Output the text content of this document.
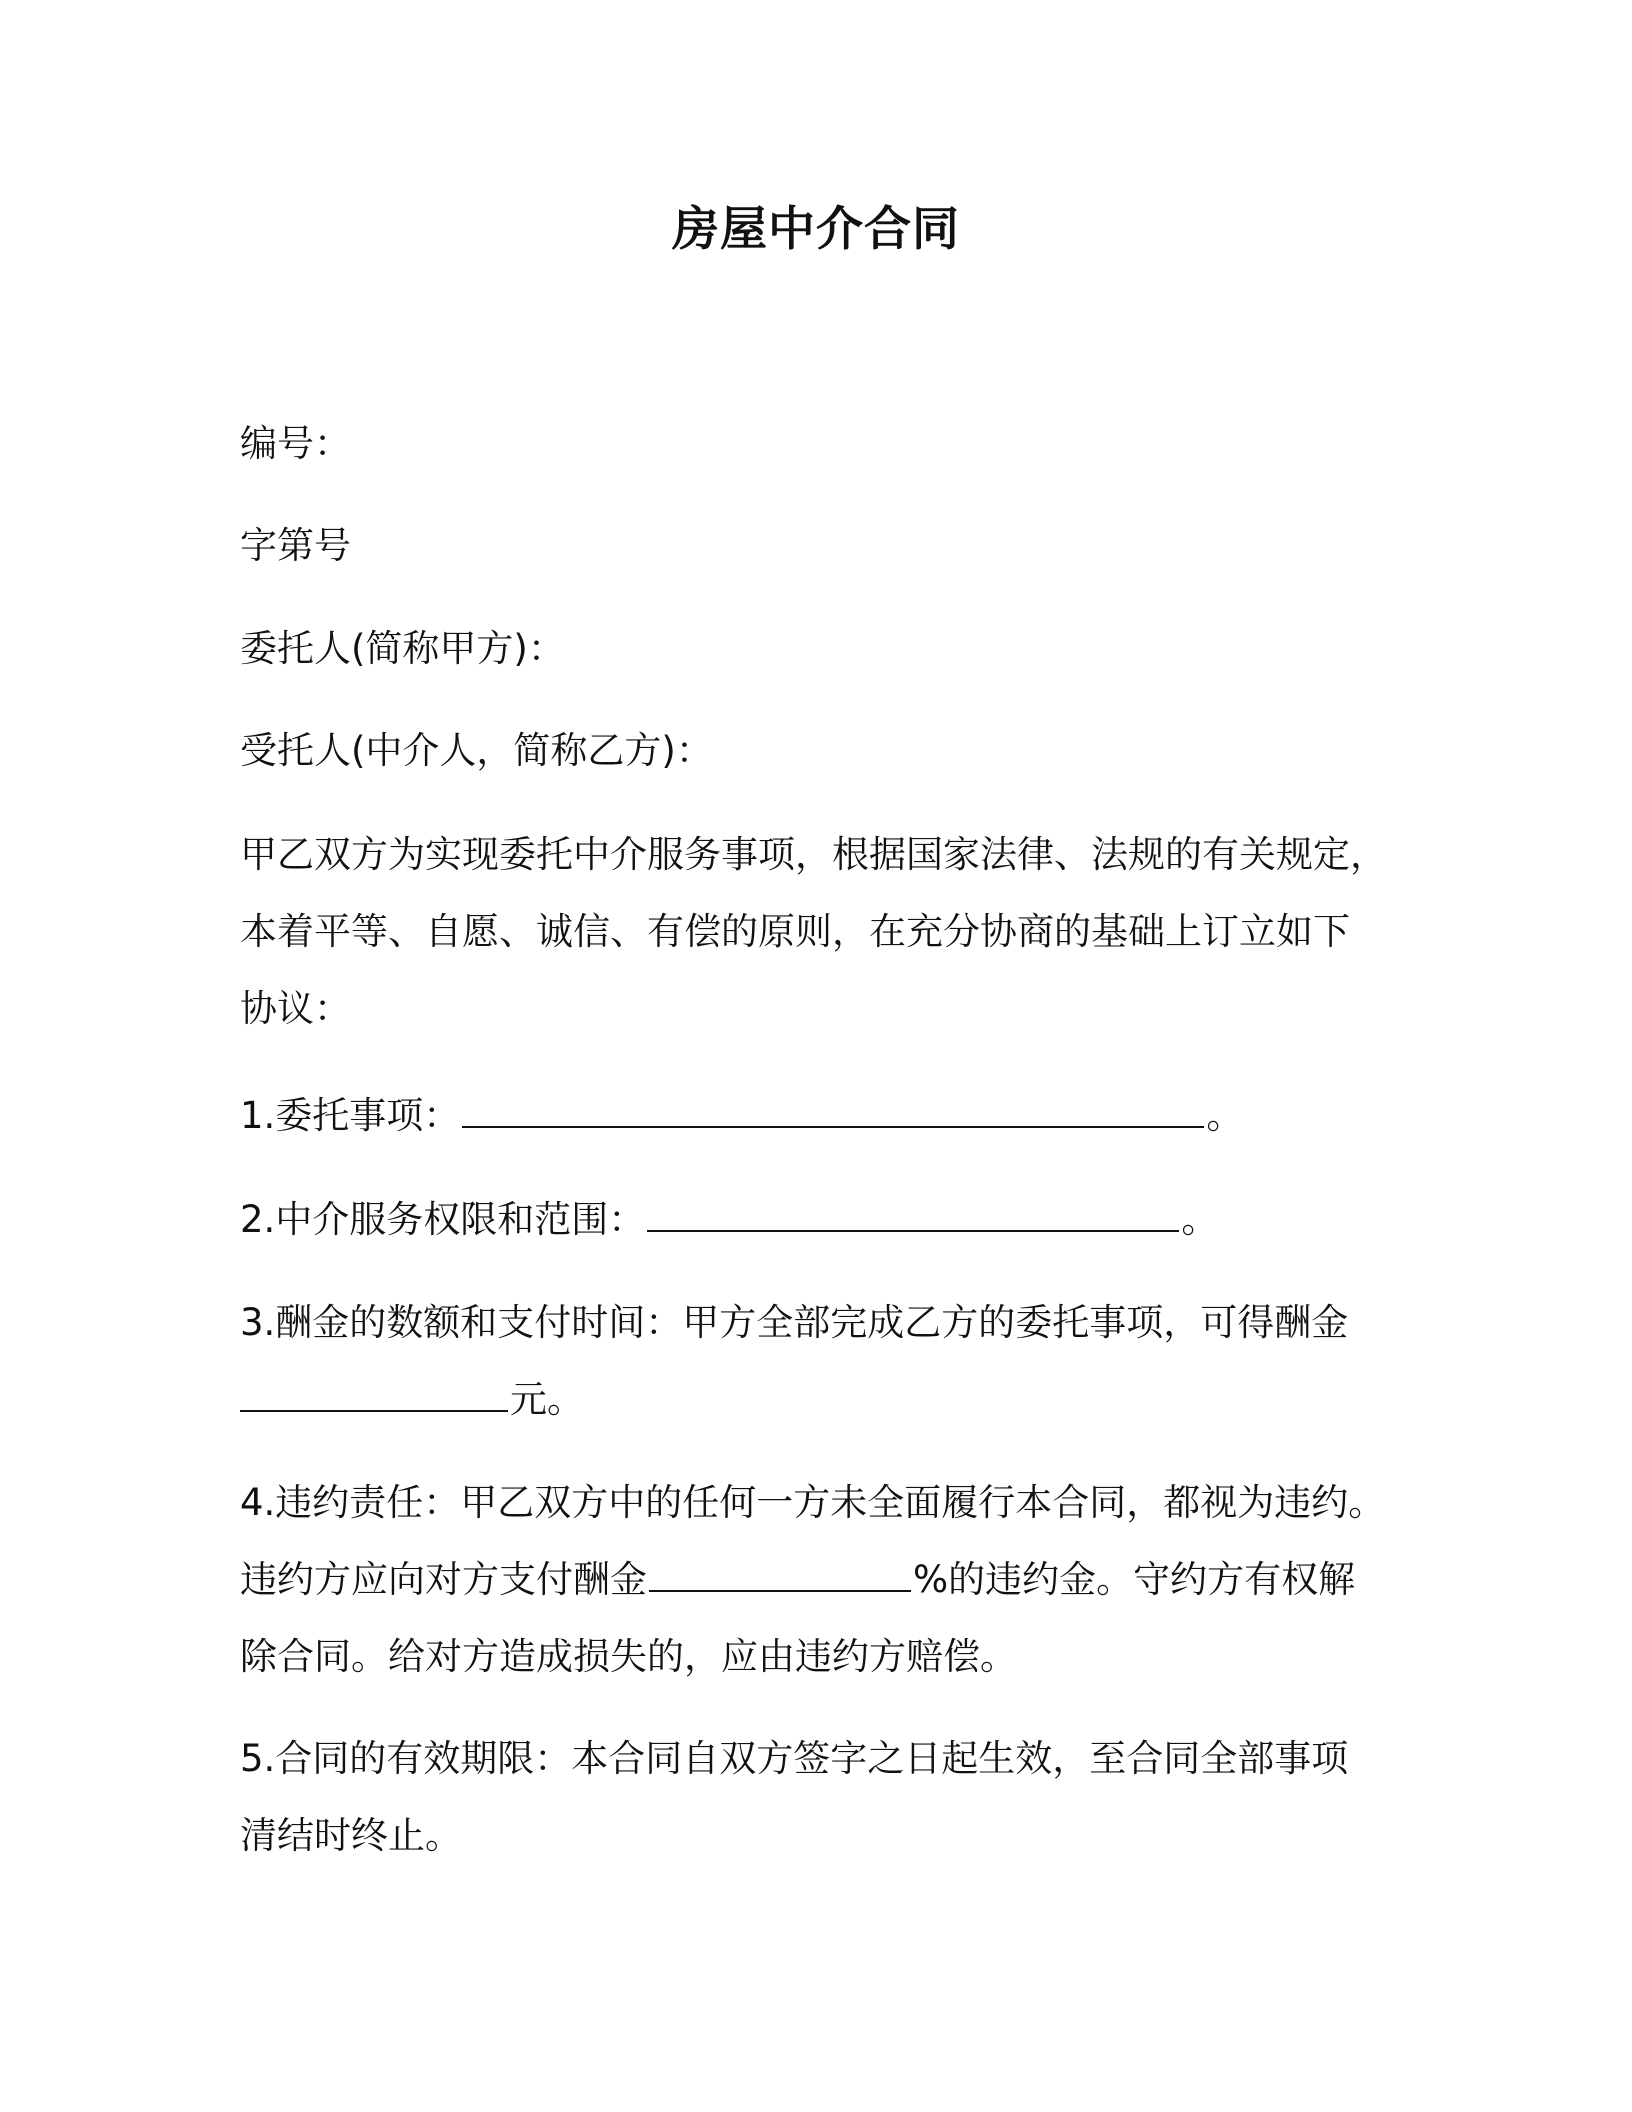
房屋中介合同

编号：

字第号

委托人(简称甲方)：

受托人(中介人，简称乙方)：

甲乙双方为实现委托中介服务事项，根据国家法律、法规的有关规定，
本着平等、自愿、诚信、有偿的原则，在充分协商的基础上订立如下
协议：

1.委托事项：	。

2.中介服务权限和范围：	。

3.酬金的数额和支付时间：甲方全部完成乙方的委托事项，可得酬金
元。
4.违约责任：甲乙双方中的任何一方未全面履行本合同，都视为违约。
违约方应向对方支付酬金	%的违约金。守约方有权解
除合同。给对方造成损失的，应由违约方赔偿。
5.合同的有效期限：本合同自双方签字之日起生效，至合同全部事项
清结时终止。
